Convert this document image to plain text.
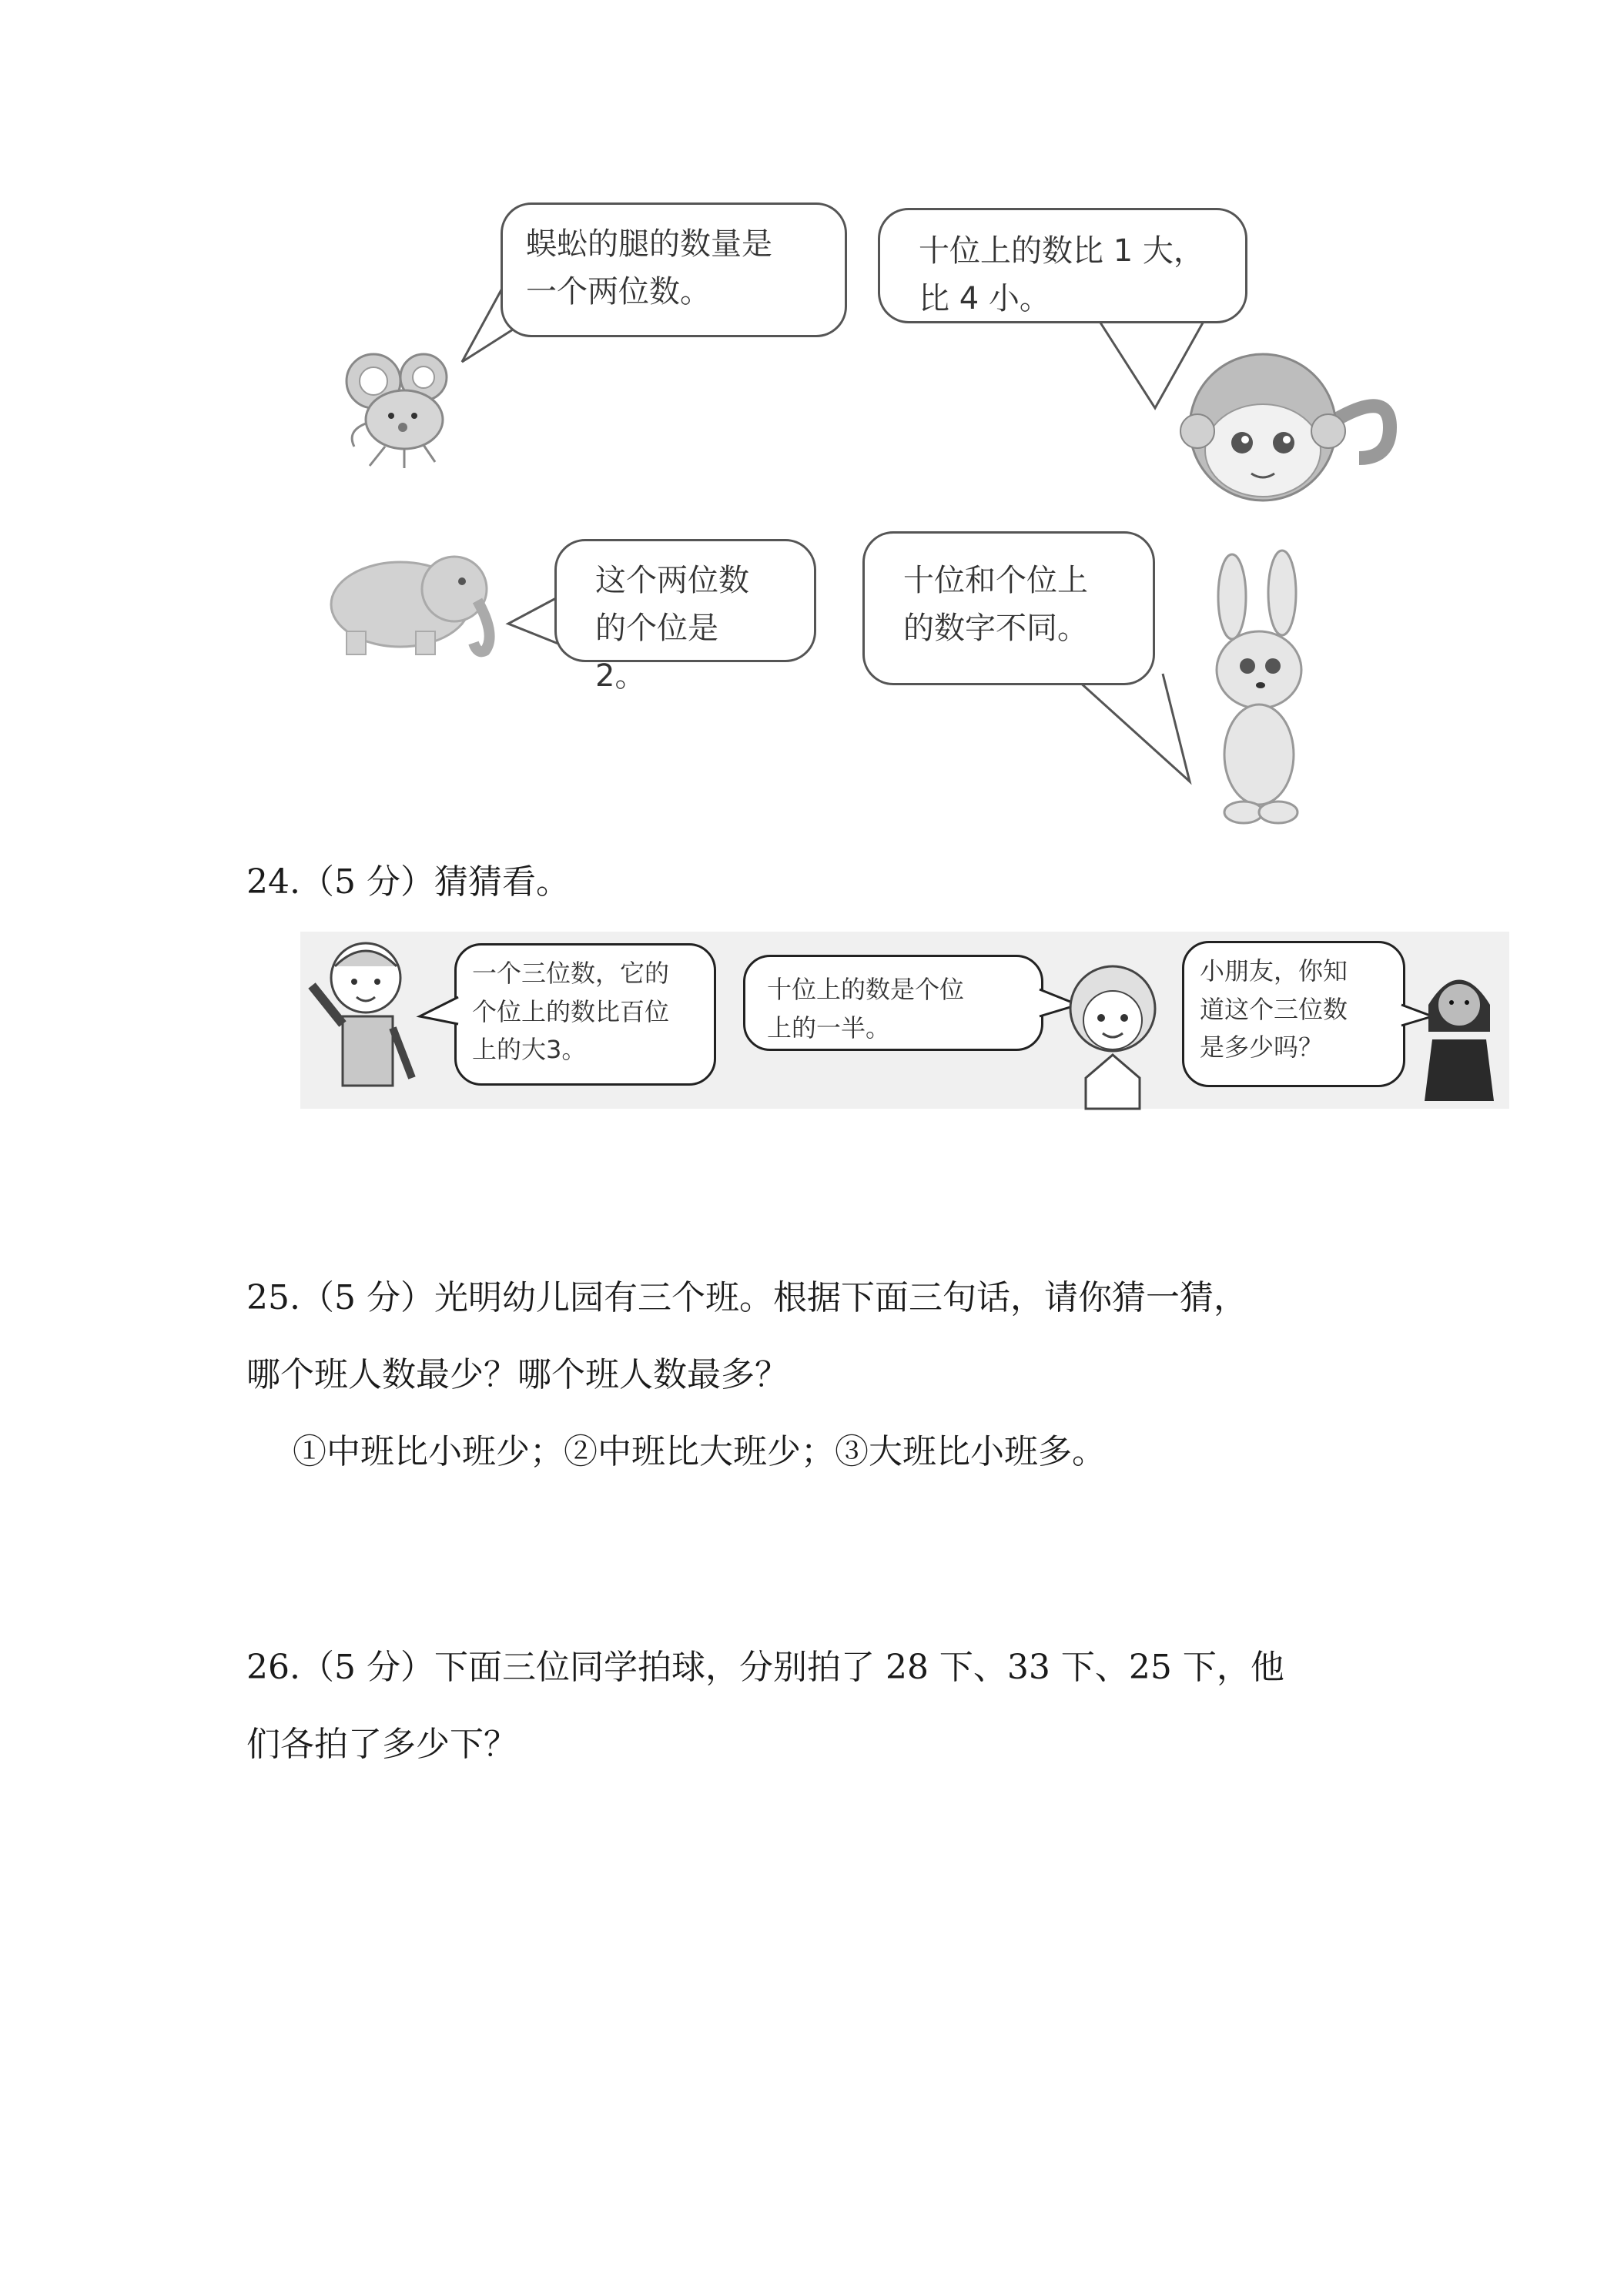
蜈蚣的腿的数量是
一个两位数。
十位上的数比 1 大，
比 4 小。
这个两位数
的个位是 2。
十位和个位上
的数字不同。
24.（5 分）猜猜看。
一个三位数，它的
个位上的数比百位
上的大3。
十位上的数是个位
上的一半。
小朋友，你知
道这个三位数
是多少吗？
25.（5 分）光明幼儿园有三个班。根据下面三句话，请你猜一猜，
哪个班人数最少？哪个班人数最多？
①中班比小班少；②中班比大班少；③大班比小班多。
26.（5 分）下面三位同学拍球，分别拍了 28 下、33 下、25 下，他
们各拍了多少下？
